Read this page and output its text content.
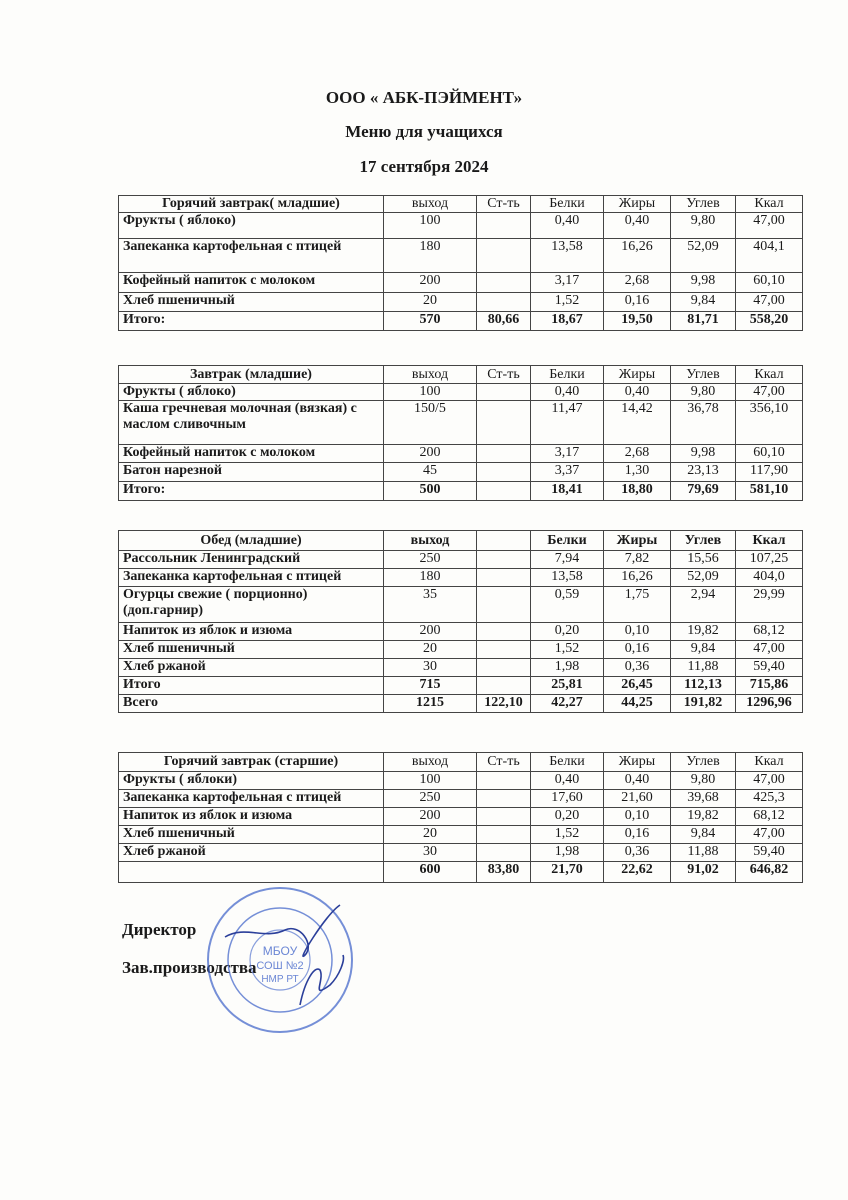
ООО « АБК-ПЭЙМЕНТ»
Меню для учащихся
17 сентября 2024
Горячий завтрак( младшие)	выход	Ст-ть	Белки	Жиры	Углев	Ккал
Фрукты ( яблоко)	100		0,40	0,40	9,80	47,00
Запеканка картофельная с птицей	180		13,58	16,26	52,09	404,1
Кофейный напиток с молоком	200		3,17	2,68	9,98	60,10
Хлеб пшеничный	20		1,52	0,16	9,84	47,00
Итого:	570	80,66	18,67	19,50	81,71	558,20
Завтрак (младшие)	выход	Ст-ть	Белки	Жиры	Углев	Ккал
Фрукты ( яблоко)	100		0,40	0,40	9,80	47,00
Каша гречневая молочная (вязкая) с маслом сливочным	150/5		11,47	14,42	36,78	356,10
Кофейный напиток с молоком	200		3,17	2,68	9,98	60,10
Батон нарезной	45		3,37	1,30	23,13	117,90
Итого:	500		18,41	18,80	79,69	581,10
Обед (младшие)	выход		Белки	Жиры	Углев	Ккал
Рассольник Ленинградский	250		7,94	7,82	15,56	107,25
Запеканка картофельная с птицей	180		13,58	16,26	52,09	404,0
Огурцы свежие ( порционно) (доп.гарнир)	35		0,59	1,75	2,94	29,99
Напиток из яблок и изюма	200		0,20	0,10	19,82	68,12
Хлеб пшеничный	20		1,52	0,16	9,84	47,00
Хлеб ржаной	30		1,98	0,36	11,88	59,40
Итого	715		25,81	26,45	112,13	715,86
Всего	1215	122,10	42,27	44,25	191,82	1296,96
Горячий завтрак (старшие)	выход	Ст-ть	Белки	Жиры	Углев	Ккал
Фрукты ( яблоки)	100		0,40	0,40	9,80	47,00
Запеканка картофельная с птицей	250		17,60	21,60	39,68	425,3
Напиток из яблок и изюма	200		0,20	0,10	19,82	68,12
Хлеб пшеничный	20		1,52	0,16	9,84	47,00
Хлеб ржаной	30		1,98	0,36	11,88	59,40
	600	83,80	21,70	22,62	91,02	646,82
Директор
Зав.производства
МБОУ
СОШ №2
НМР РТ
